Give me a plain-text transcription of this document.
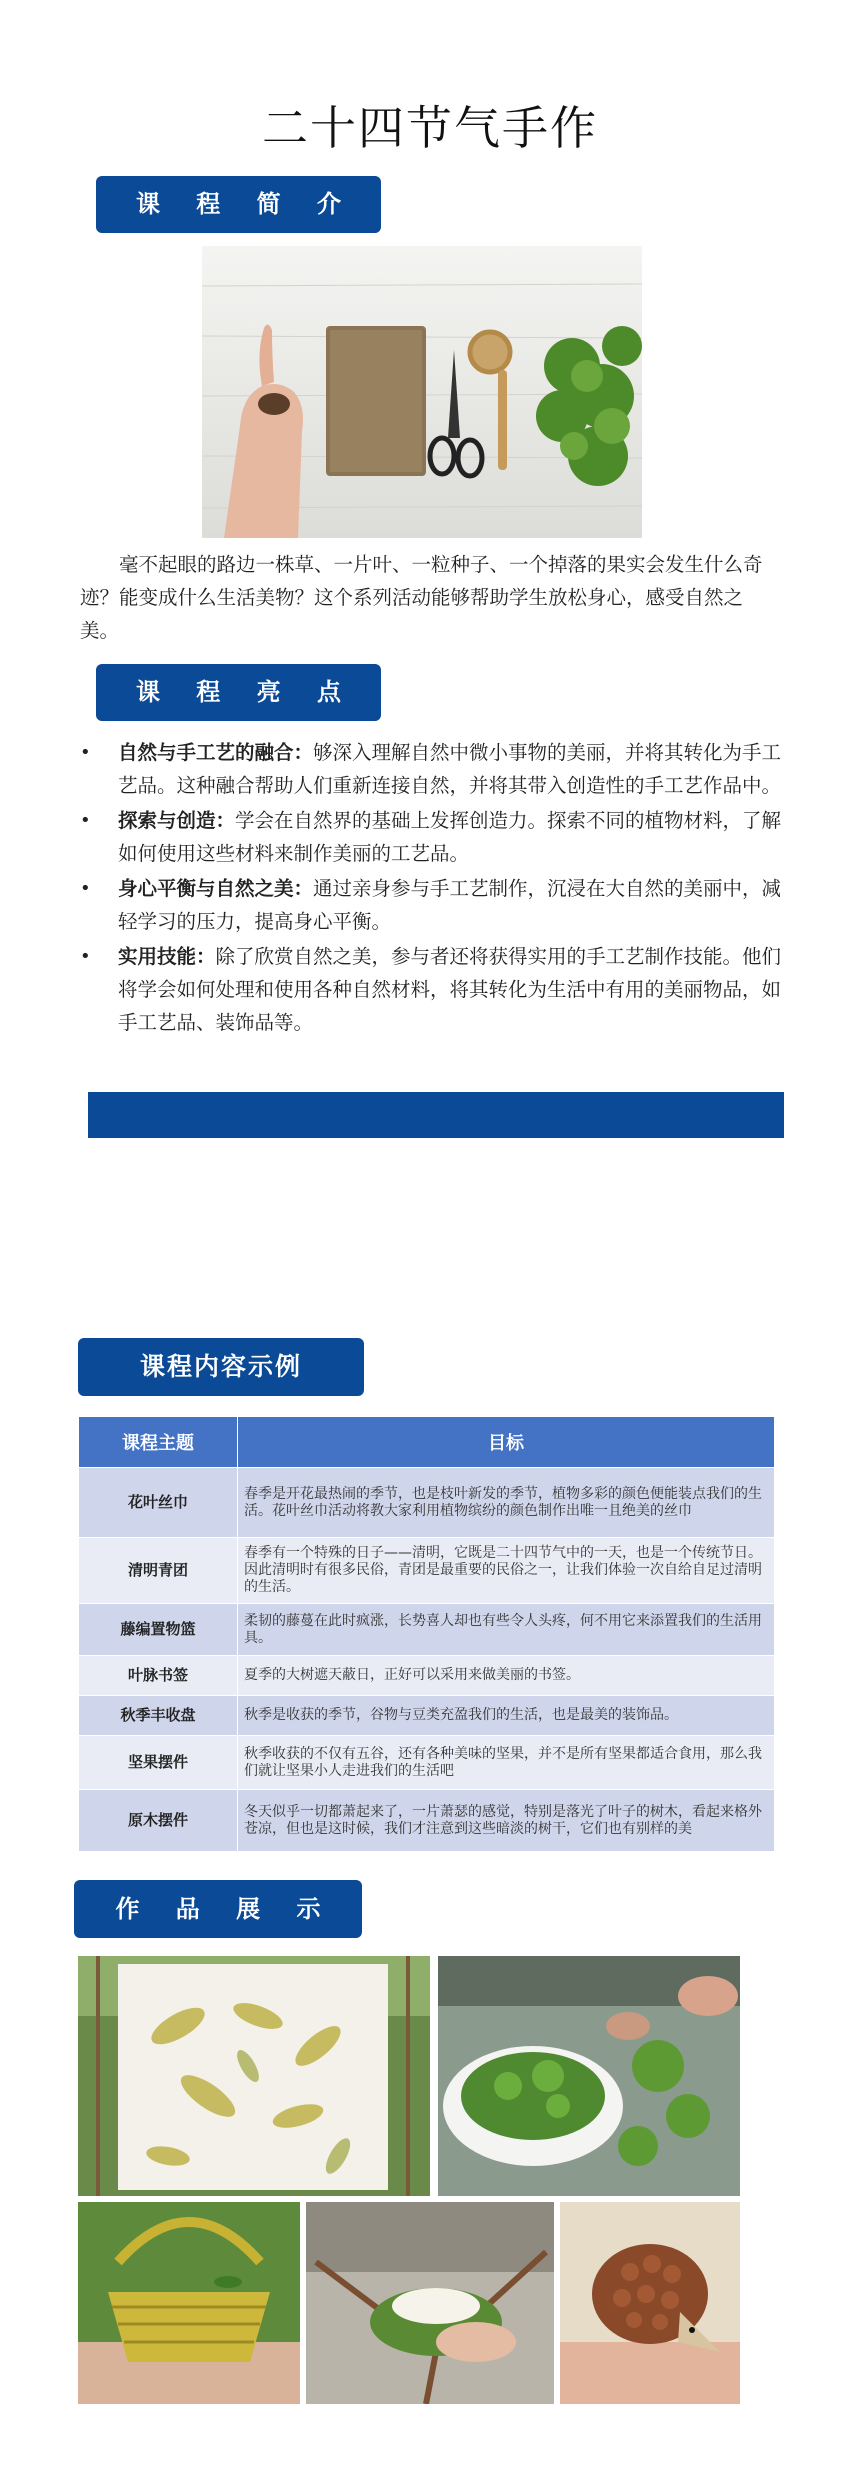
二十四节气手作
课 程 简 介
毫不起眼的路边一株草、一片叶、一粒种子、一个掉落的果实会发生什么奇迹？能变成什么生活美物？这个系列活动能够帮助学生放松身心，感受自然之美。
课 程 亮 点
• 自然与手工艺的融合：够深入理解自然中微小事物的美丽，并将其转化为手工艺品。这种融合帮助人们重新连接自然，并将其带入创造性的手工艺作品中。
• 探索与创造：学会在自然界的基础上发挥创造力。探索不同的植物材料，了解如何使用这些材料来制作美丽的工艺品。
• 身心平衡与自然之美：通过亲身参与手工艺制作，沉浸在大自然的美丽中，减轻学习的压力，提高身心平衡。
• 实用技能：除了欣赏自然之美，参与者还将获得实用的手工艺制作技能。他们将学会如何处理和使用各种自然材料，将其转化为生活中有用的美丽物品，如手工艺品、装饰品等。
课程内容示例
课程主题	目标
花叶丝巾	春季是开花最热闹的季节，也是枝叶新发的季节，植物多彩的颜色便能装点我们的生活。花叶丝巾活动将教大家利用植物缤纷的颜色制作出唯一且绝美的丝巾
清明青团	春季有一个特殊的日子——清明，它既是二十四节气中的一天，也是一个传统节日。因此清明时有很多民俗，青团是最重要的民俗之一，让我们体验一次自给自足过清明的生活。
藤编置物篮	柔韧的藤蔓在此时疯涨，长势喜人却也有些令人头疼，何不用它来添置我们的生活用具。
叶脉书签	夏季的大树遮天蔽日，正好可以采用来做美丽的书签。
秋季丰收盘	秋季是收获的季节，谷物与豆类充盈我们的生活，也是最美的装饰品。
坚果摆件	秋季收获的不仅有五谷，还有各种美味的坚果，并不是所有坚果都适合食用，那么我们就让坚果小人走进我们的生活吧
原木摆件	冬天似乎一切都萧起来了，一片萧瑟的感觉，特别是落光了叶子的树木，看起来格外苍凉，但也是这时候，我们才注意到这些暗淡的树干，它们也有别样的美
作 品 展 示
